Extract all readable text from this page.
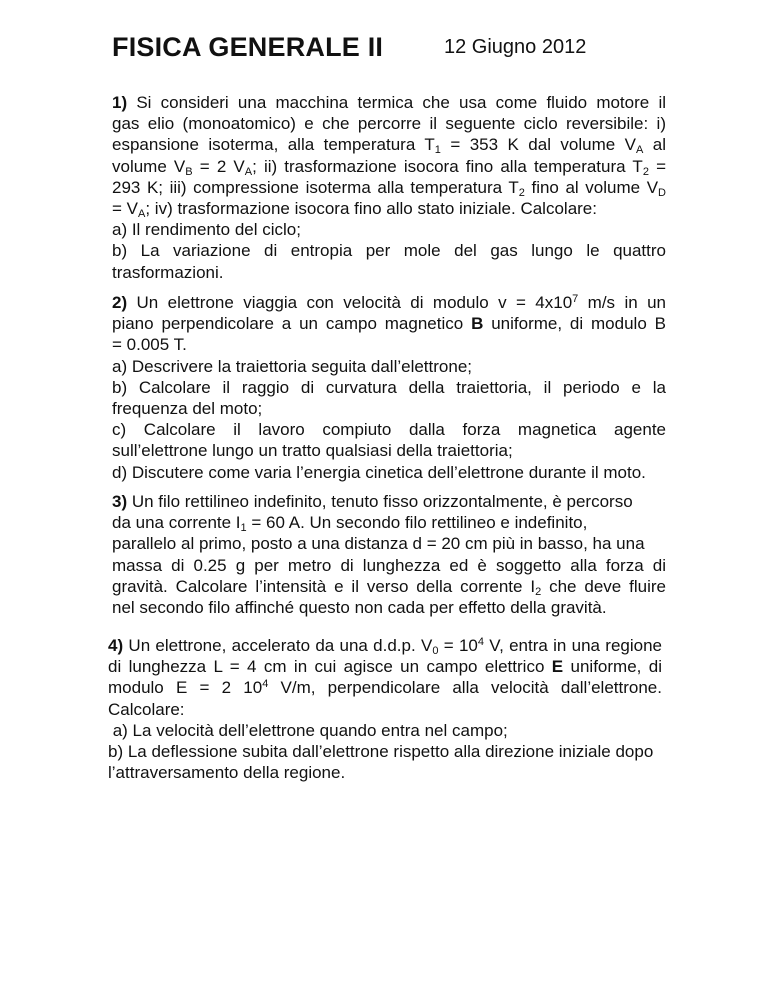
FISICA GENERALE II	12 Giugno 2012

1) Si consideri una macchina termica che usa come fluido motore il

gas elio (monoatomico) e che percorre il seguente ciclo reversibile: i)

espansione isoterma, alla temperatura $T_1 = 353$ K dal volume $V_A$ al

volume $V_B = 2$ $V_A$; ii) trasformazione isocora fino alla temperatura $T_2$ =

293 K; iii) compressione isoterma alla temperatura $T_2$ fino al volume $V_D$

= $V_A$; iv) trasformazione isocora fino allo stato iniziale. Calcolare:

a) Il rendimento del ciclo;

b) La variazione di entropia per mole del gas lungo le quattro

trasformazioni.

2) Un elettrone viaggia con velocità di modulo $v = 4x10^7$ m/s in un

piano perpendicolare a un campo magnetico B uniforme, di modulo B

= 0.005 T.

a) Descrivere la traiettoria seguita dall’elettrone;

b) Calcolare il raggio di curvatura della traiettoria, il periodo e la

frequenza del moto;

c) Calcolare il lavoro compiuto dalla forza magnetica agente

sull’elettrone lungo un tratto qualsiasi della traiettoria;

d) Discutere come varia l’energia cinetica dell’elettrone durante il moto.

3) Un filo rettilineo indefinito, tenuto fisso orizzontalmente, è percorso

da una corrente $I_1 = 60$ A. Un secondo filo rettilineo e indefinito,

parallelo al primo, posto a una distanza d = 20 cm più in basso, ha una

massa di 0.25 g per metro di lunghezza ed è soggetto alla forza di

gravità. Calcolare l’intensità e il verso della corrente $I_2$ che deve fluire

nel secondo filo affinché questo non cada per effetto della gravità.

4) Un elettrone, accelerato da una d.d.p. $V_0 = 10^4$ V, entra in una regione

di lunghezza L = 4 cm in cui agisce un campo elettrico E uniforme, di

modulo E = 2 $10^4$ V/m, perpendicolare alla velocità dall’elettrone.

Calcolare:

a) La velocità dell’elettrone quando entra nel campo;

b) La deflessione subita dall’elettrone rispetto alla direzione iniziale dopo

l’attraversamento della regione.
